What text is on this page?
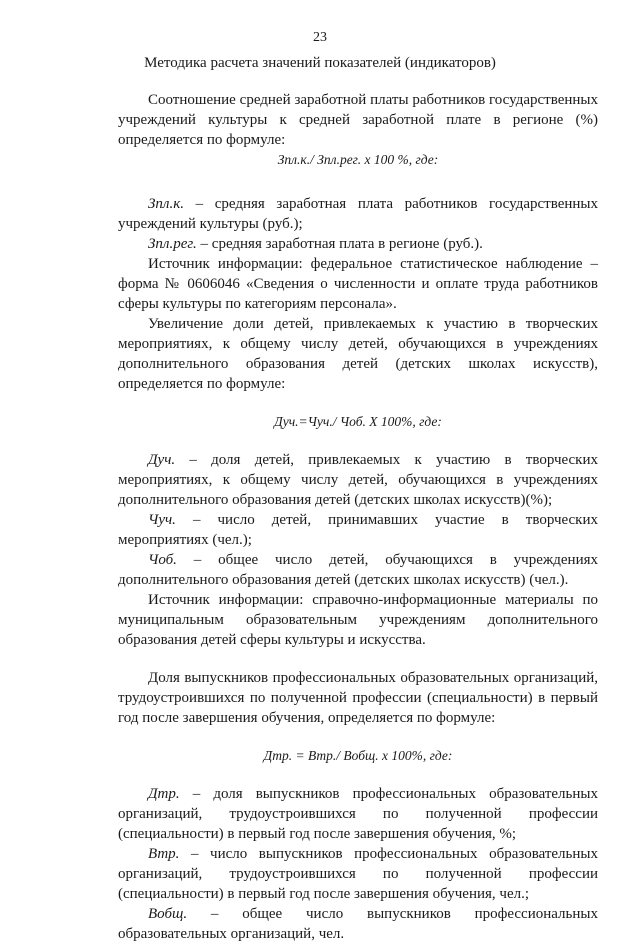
23
Методика расчета значений показателей (индикаторов)

Соотношение средней заработной платы работников государственных учреждений культуры к средней заработной плате в регионе (%) определяется по формуле:

Зпл.к./ Зпл.рег. х 100 %, где:

Зпл.к. – средняя заработная плата работников государственных учреждений культуры (руб.);

Зпл.рег. – средняя заработная плата в регионе (руб.).

Источник информации: федеральное статистическое наблюдение – форма № 0606046 «Сведения о численности и оплате труда работников сферы культуры по категориям персонала».

Увеличение доли детей, привлекаемых к участию в творческих мероприятиях, к общему числу детей, обучающихся в учреждениях дополнительного образования детей (детских школах искусств), определяется по формуле:

Дуч.=Чуч./ Чоб. Х 100%, где:

Дуч. – доля детей, привлекаемых к участию в творческих мероприятиях, к общему числу детей, обучающихся в учреждениях дополнительного образования детей (детских школах искусств)(%);

Чуч. – число детей, принимавших участие в творческих мероприятиях (чел.);

Чоб. – общее число детей, обучающихся в учреждениях дополнительного образования детей (детских школах искусств) (чел.).

Источник информации: справочно-информационные материалы по муниципальным образовательным учреждениям дополнительного образования детей сферы культуры и искусства.

Доля выпускников профессиональных образовательных организаций, трудоустроившихся по полученной профессии (специальности) в первый год после завершения обучения, определяется по формуле:

Дтр. = Втр./ Вобщ. х 100%, где:

Дтр. – доля выпускников профессиональных образовательных организаций, трудоустроившихся по полученной профессии (специальности) в первый год после завершения обучения, %;

Втр. – число выпускников профессиональных образовательных организаций, трудоустроившихся по полученной профессии (специальности) в первый год после завершения обучения, чел.;

Вобщ. – общее число выпускников профессиональных образовательных организаций, чел.
